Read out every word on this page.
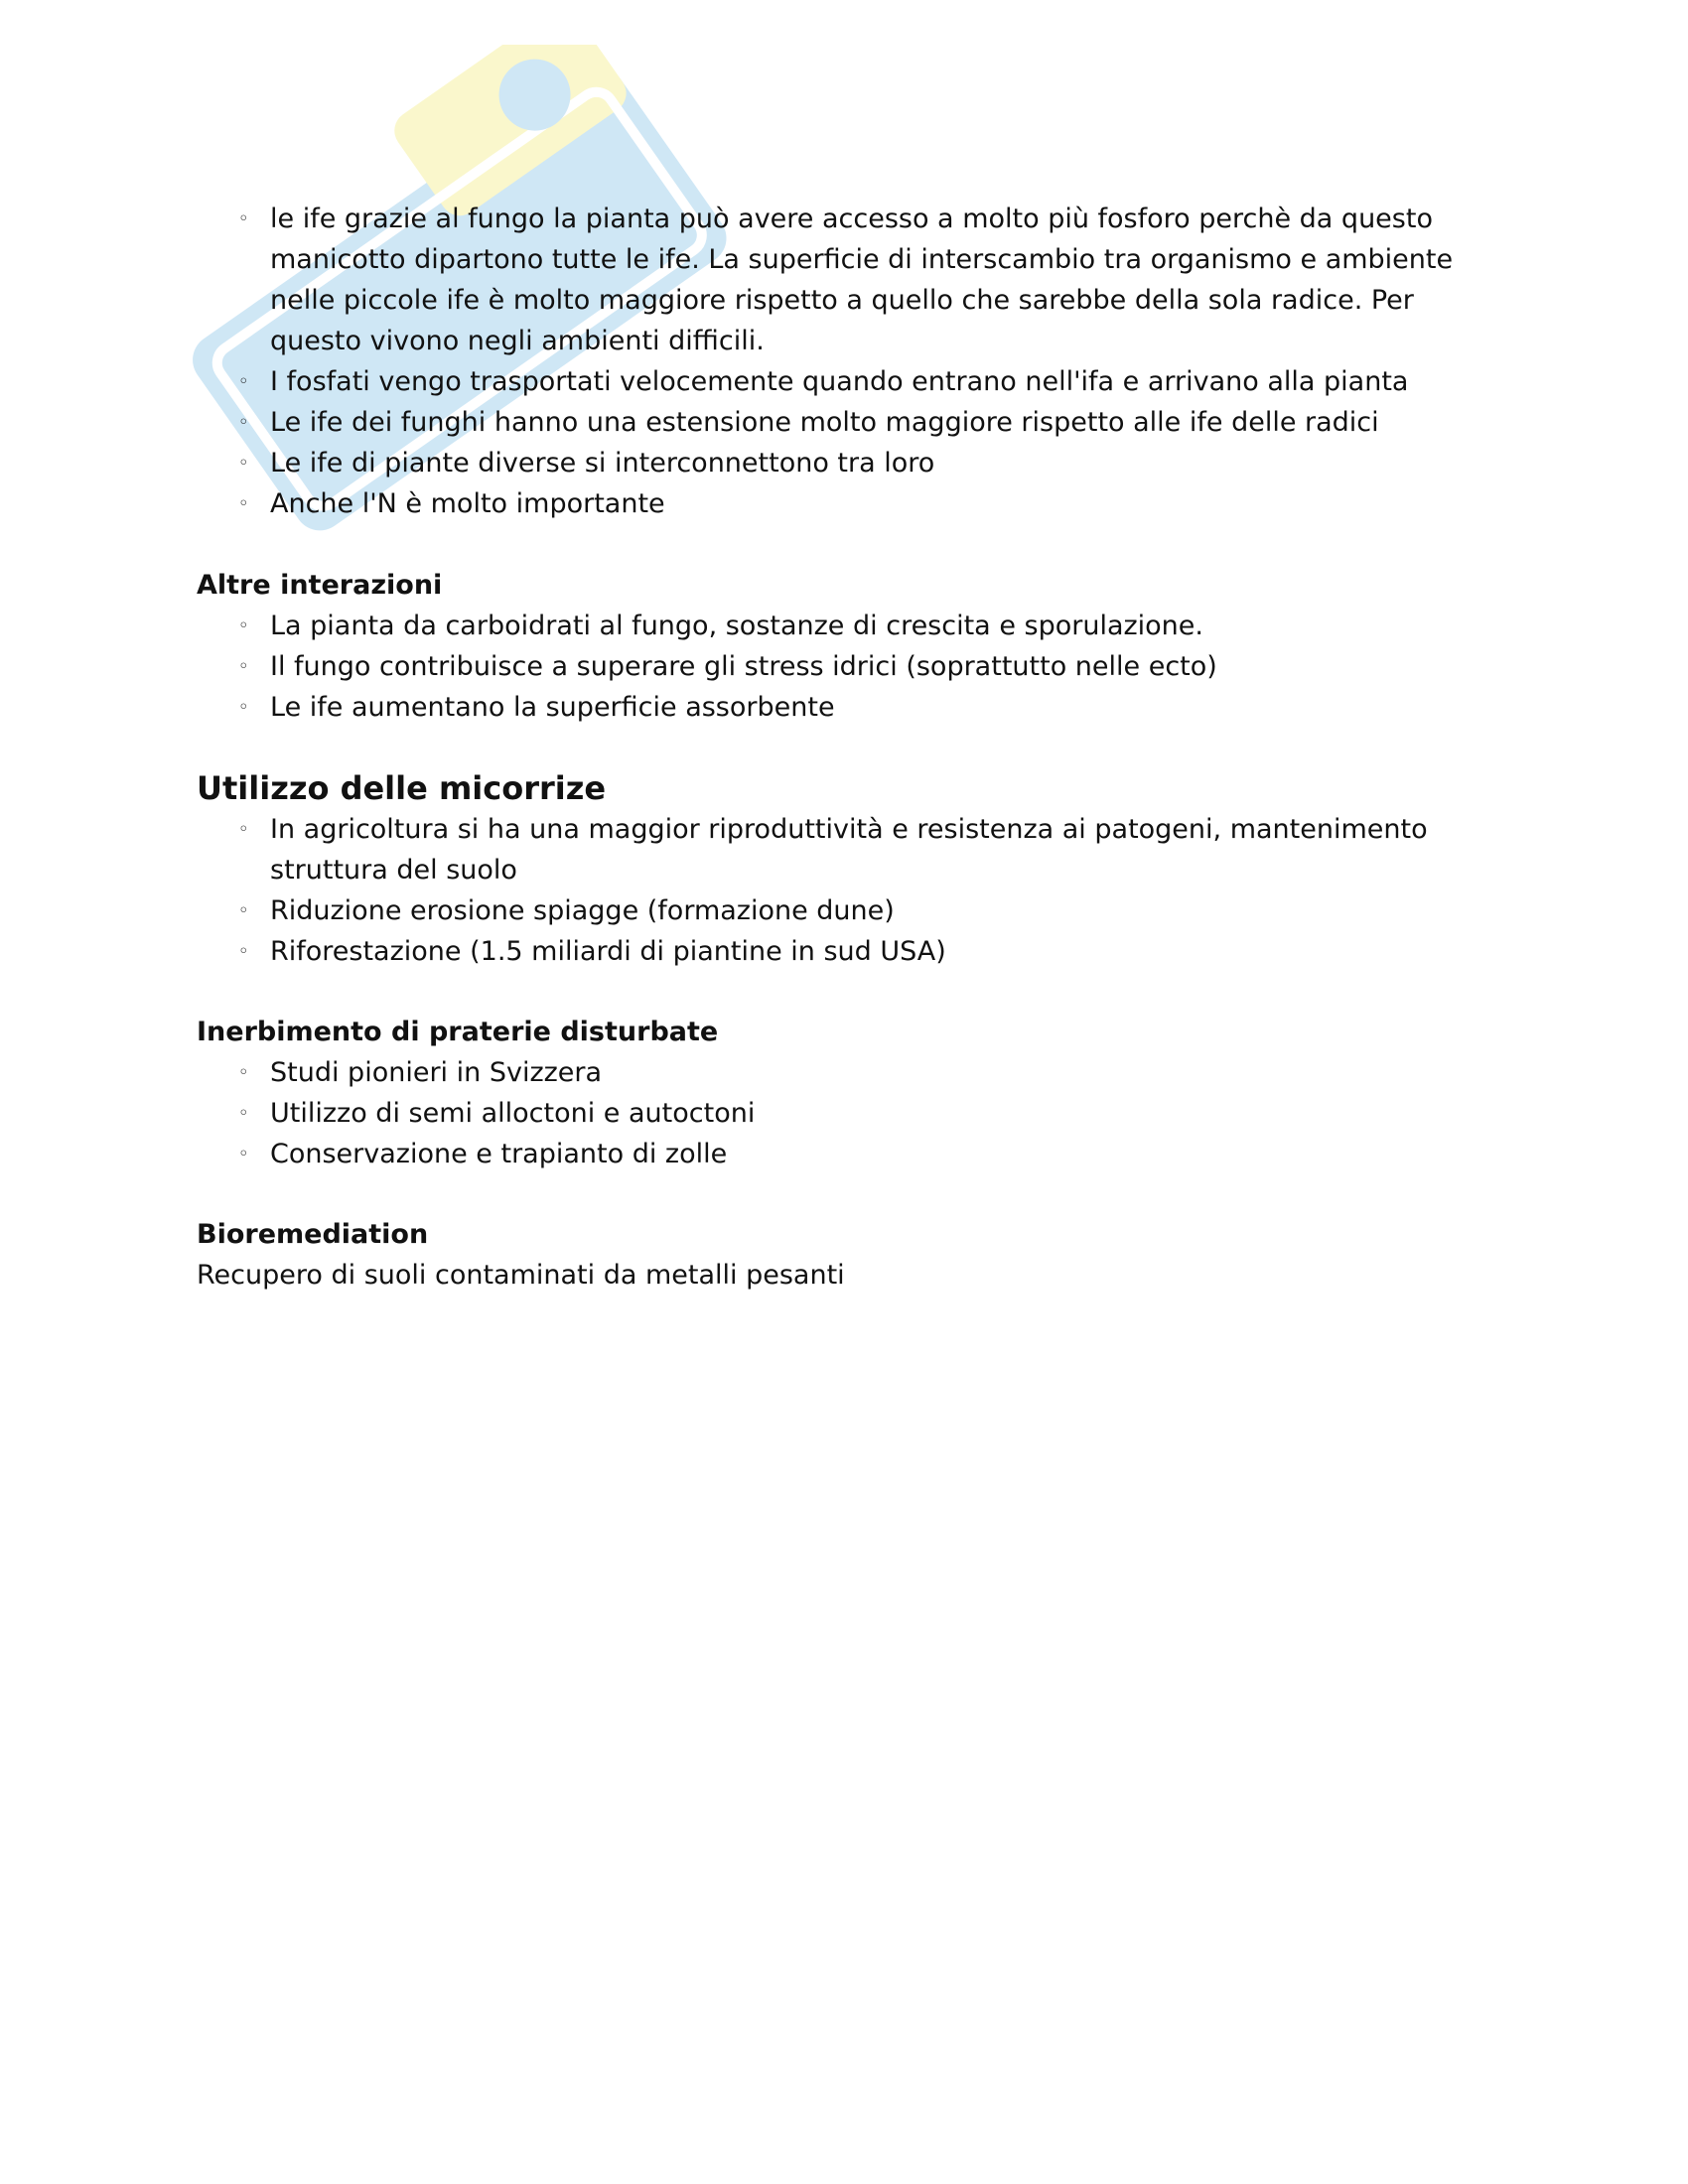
◦ le ife grazie al fungo la pianta può avere accesso a molto più fosforo perchè da questo manicotto dipartono tutte le ife. La superficie di interscambio tra organismo e ambiente nelle piccole ife è molto maggiore rispetto a quello che sarebbe della sola radice. Per questo vivono negli ambienti difficili.
◦ I fosfati vengo trasportati velocemente quando entrano nell'ifa e arrivano alla pianta
◦ Le ife dei funghi hanno una estensione molto maggiore rispetto alle ife delle radici
◦ Le ife di piante diverse si interconnettono tra loro
◦ Anche l'N è molto importante
Altre interazioni
◦ La pianta da carboidrati al fungo, sostanze di crescita e sporulazione.
◦ Il fungo contribuisce a superare gli stress idrici (soprattutto nelle ecto)
◦ Le ife aumentano la superficie assorbente
Utilizzo delle micorrize
◦ In agricoltura si ha una maggior riproduttività e resistenza ai patogeni, mantenimento struttura del suolo
◦ Riduzione erosione spiagge (formazione dune)
◦ Riforestazione (1.5 miliardi di piantine in sud USA)
Inerbimento di praterie disturbate
◦ Studi pionieri in Svizzera
◦ Utilizzo di semi alloctoni e autoctoni
◦ Conservazione e trapianto di zolle
Bioremediation

Recupero di suoli contaminati da metalli pesanti
